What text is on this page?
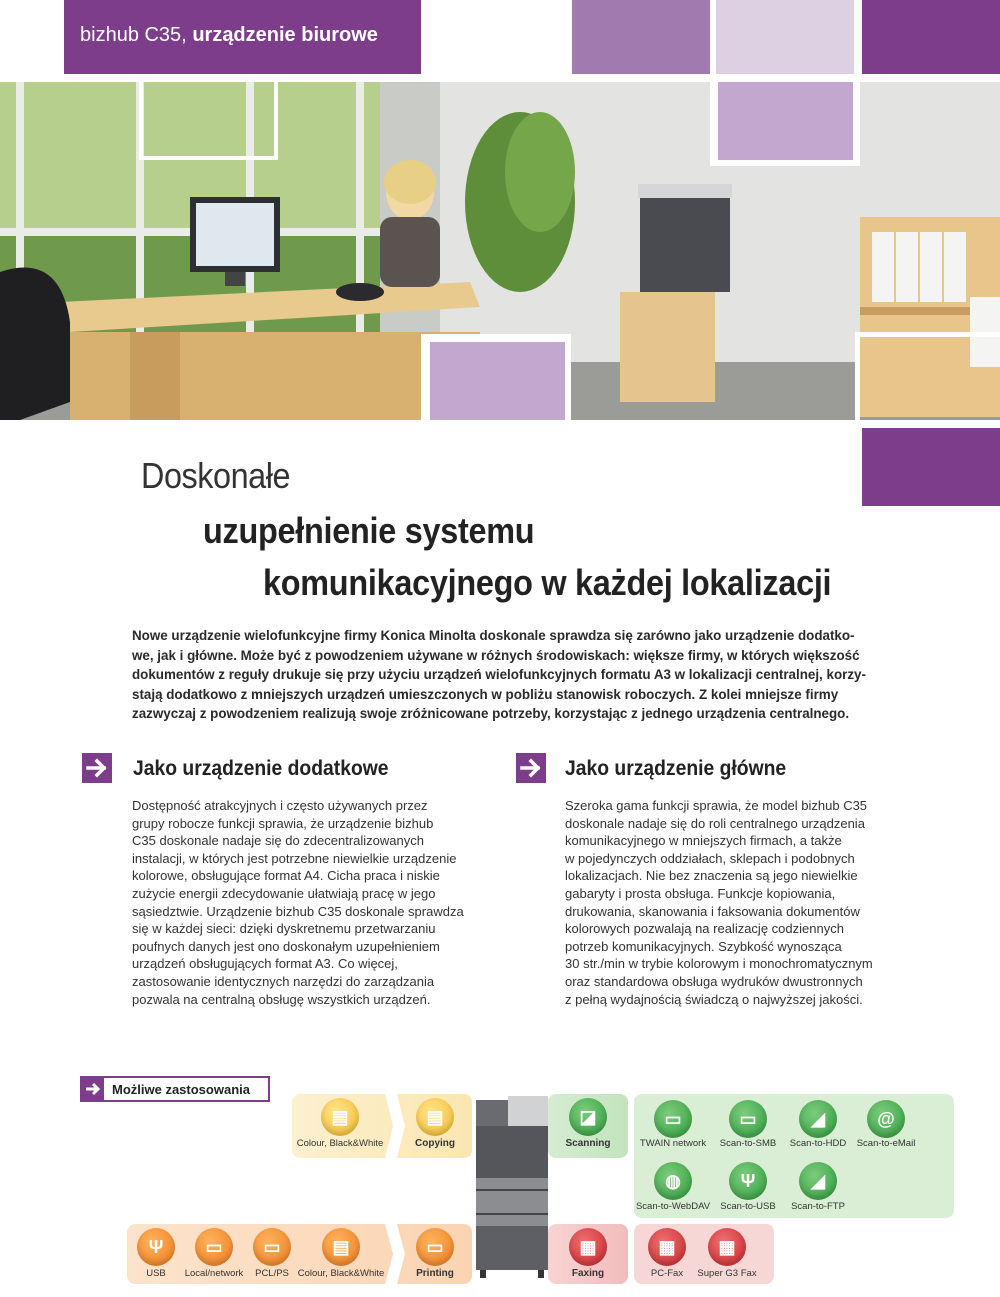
bizhub C35, urządzenie biurowe
Doskonałe
uzupełnienie systemu
komunikacyjnego w każdej lokalizacji
Nowe urządzenie wielofunkcyjne firmy Konica Minolta doskonale sprawdza się zarówno jako urządzenie dodatko-
we, jak i główne. Może być z powodzeniem używane w różnych środowiskach: większe firmy, w których większość
dokumentów z reguły drukuje się przy użyciu urządzeń wielofunkcyjnych formatu A3 w lokalizacji centralnej, korzy-
stają dodatkowo z mniejszych urządzeń umieszczonych w pobliżu stanowisk roboczych. Z kolei mniejsze firmy
zazwyczaj z powodzeniem realizują swoje zróżnicowane potrzeby, korzystając z jednego urządzenia centralnego.
Jako urządzenie dodatkowe
Dostępność atrakcyjnych i często używanych przez
grupy robocze funkcji sprawia, że urządzenie bizhub
C35 doskonale nadaje się do zdecentralizowanych
instalacji, w których jest potrzebne niewielkie urządzenie
kolorowe, obsługujące format A4. Cicha praca i niskie
zużycie energii zdecydowanie ułatwiają pracę w jego
sąsiedztwie. Urządzenie bizhub C35 doskonale sprawdza
się w każdej sieci: dzięki dyskretnemu przetwarzaniu
poufnych danych jest ono doskonałym uzupełnieniem
urządzeń obsługujących format A3. Co więcej,
zastosowanie identycznych narzędzi do zarządzania
pozwala na centralną obsługę wszystkich urządzeń.
Jako urządzenie główne
Szeroka gama funkcji sprawia, że model bizhub C35
doskonale nadaje się do roli centralnego urządzenia
komunikacyjnego w mniejszych firmach, a także
w pojedynczych oddziałach, sklepach i podobnych
lokalizacjach. Nie bez znaczenia są jego niewielkie
gabaryty i prosta obsługa. Funkcje kopiowania,
drukowania, skanowania i faksowania dokumentów
kolorowych pozwalają na realizację codziennych
potrzeb komunikacyjnych. Szybkość wynosząca
30 str./min w trybie kolorowym i monochromatycznym
oraz standardowa obsługa wydruków dwustronnych
z pełną wydajnością świadczą o najwyższej jakości.
Możliwe zastosowania
▤
Colour, Black&White
▤
Copying
◪
Scanning
▭
TWAIN network
▭
Scan-to-SMB
◢
Scan-to-HDD
@
Scan-to-eMail
◍
Scan-to-WebDAV
Ψ
Scan-to-USB
◢
Scan-to-FTP
Ψ
USB
▭
Local/network
▭
PCL/PS
▤
Colour, Black&White
▭
Printing
▦
Faxing
▦
PC-Fax
▦
Super G3 Fax
